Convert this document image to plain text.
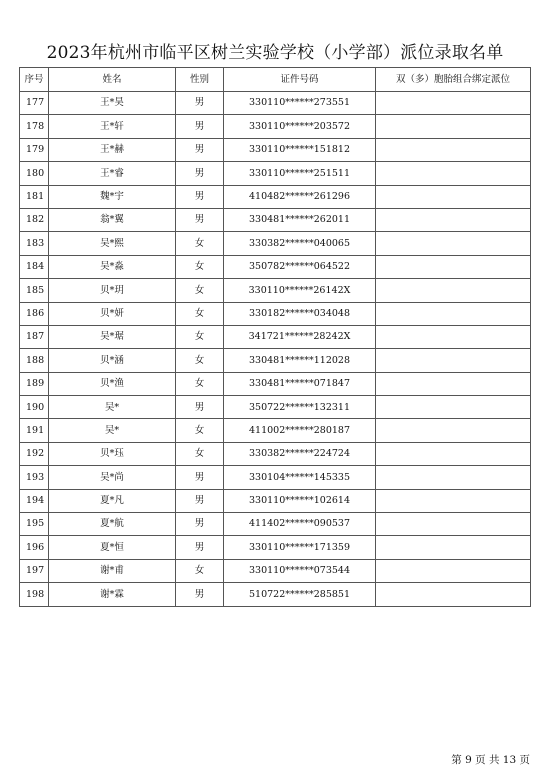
2023年杭州市临平区树兰实验学校（小学部）派位录取名单
序号	姓名	性别	证件号码	双（多）胞胎组合绑定派位
177	王*昊	男	330110******273551	
178	王*轩	男	330110******203572	
179	王*赫	男	330110******151812	
180	王*睿	男	330110******251511	
181	魏*宇	男	410482******261296	
182	翁*翼	男	330481******262011	
183	吴*熙	女	330382******040065	
184	吴*淼	女	350782******064522	
185	贝*玥	女	330110******26142X	
186	贝*妍	女	330182******034048	
187	吴*琚	女	341721******28242X	
188	贝*涵	女	330481******112028	
189	贝*渔	女	330481******071847	
190	吴*	男	350722******132311	
191	吴*	女	411002******280187	
192	贝*珏	女	330382******224724	
193	吴*尚	男	330104******145335	
194	夏*凡	男	330110******102614	
195	夏*航	男	411402******090537	
196	夏*恒	男	330110******171359	
197	谢*甫	女	330110******073544	
198	谢*霖	男	510722******285851	
第 9 页 共 13 页
